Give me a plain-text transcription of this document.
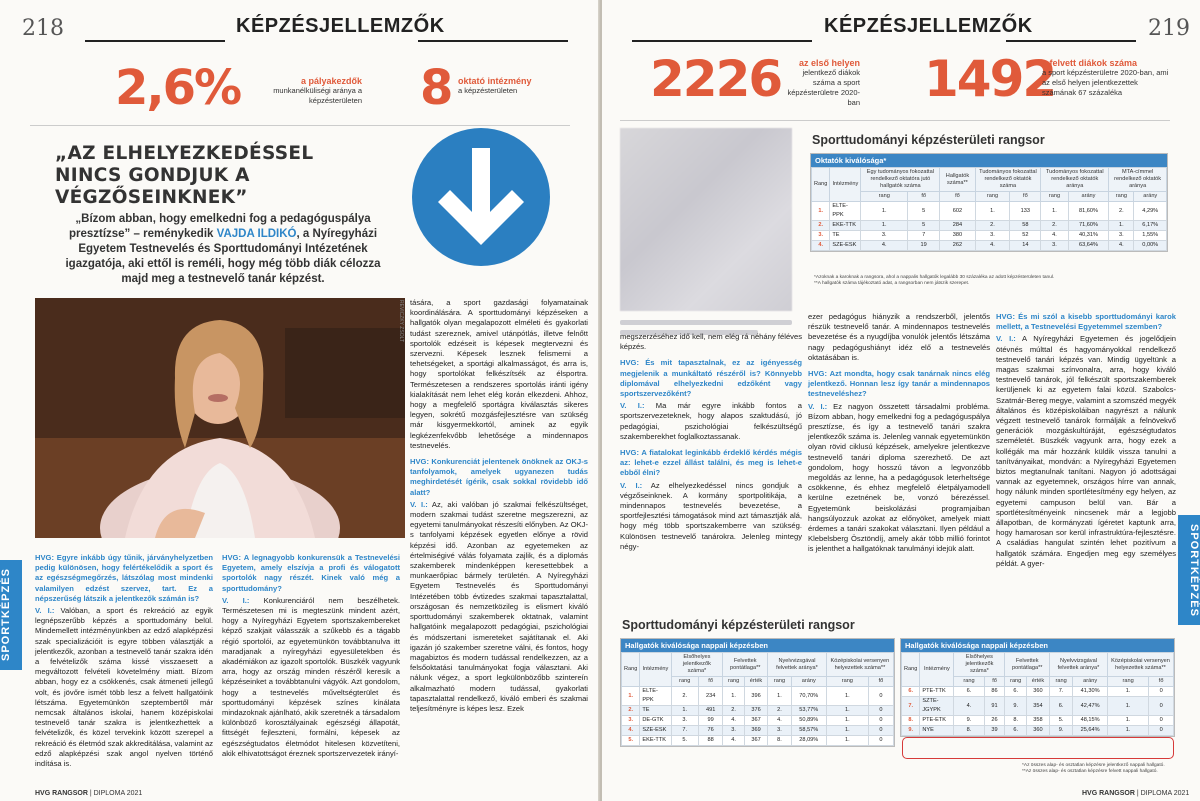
218	KÉPZÉSJELLEMZŐK
2,6%	a pályakezdők
munkanélküliségi aránya a képzésterületen 8 oktató intézmény
a képzésterületen
„AZ ELHELYEZKEDÉSSEL NINCS GONDJUK A VÉGZŐSEINKNEK”
„Bízom abban, hogy emelkedni fog a pedagóguspálya presztízse” – reménykedik VAJDA ILDIKÓ, a Nyíregyházi Egyetem Testnevelés és Sporttudományi Intézetének igazgatója, aki ettől is reméli, hogy még több diák célozza majd meg a testnevelő tanár képzést.
REVICZKY ZSOLT

HVG: Egyre inkább úgy tűnik, járványhelyzetben pedig különösen, hogy felértékelődik a sport és az egészségmegőrzés, látszólag most mindenki valamilyen edzést szervez, tart. Ez a népszerűség látszik a jelentkezők számán is?

V. I.: Valóban, a sport és rekreáció az egyik legnépszerűbb képzés a sporttudomány belül. Mindemellett intézményünkben az edző alapképzési szak specializációit is egyre többen választják a jelentkezők, azonban a testnevelő tanár szakra idén a felvételizők száma kissé visszaesett a megváltozott felvételi követelmény miatt. Bízom abban, hogy ez a csökkenés, csak átmeneti jellegű volt, és jövőre ismét több lesz a felvett hallgatóink létszáma. Egyetemünkön szeptembertől már nemcsak általános iskolai, hanem középiskolai testnevelő tanár szakra is jelentkezhettek a felvételizők, és közel tervekink között szerepel a rekreáció és életmód szak akkreditálása, valamint az edző alapképzési szak angol nyelven történő indítása is.

HVG: A legnagyobb konkurensük a Testnevelési Egyetem, amely elszívja a profi és válogatott sportolók nagy részét. Kinek való még a sporttudomány?

V. I.: Konkurenciáról nem beszélhetek. Természetesen mi is megteszünk mindent azért, hogy a Nyíregyházi Egyetem sportszakembereket képző szakjait válasszák a szűkebb és a tágabb régió sportolói, az egyetemünkön továbbtanulva itt maradjanak a nyíregyházi egyesületekben és akadémiákon az igazolt sportolók. Büszkék vagyunk arra, hogy az ország minden részéről keresik a képzéseinket a továbbtanulni vágyók. Azt gondolom, hogy a testnevelés műveltségterület és sporttudományi képzések színes kínálata mindazoknak ajánlható, akik szeretnék a társadalom különböző korosztályainak egészségi állapotát, fittségét fejleszteni, formálni, képesek az egészségtudatos életmódot hitelesen közvetíteni, akik elhivatottságot éreznek sportszervezetek irányí-

tására, a sport gazdasági folyamatainak koordinálására. A sporttudományi képzéseken a hallgatók olyan megalapozott elméleti és gyakorlati tudást szereznek, amivel utánpótlás, illetve felnőtt sportolók edzéseit is képesek megtervezni és szervezni. Képesek lesznek felismerni a tehetségeket, a sportági alkalmasságot, és arra is, hogy sportolókat felkészítsék az élsportra. Természetesen a rendszeres sportolás iránti igény kialakítását nem lehet elég korán elkezdeni. Ahhoz, hogy a megfelelő sportágra kiválasztás sikeres legyen, sokrétű mozgásfejlesztésre van szükség már kisgyermekkortól, aminek az egyik legkézenfekvőbb lehetősége a mindennapos testnevelés.

HVG: Konkurenciát jelentenek önöknek az OKJ-s tanfolyamok, amelyek ugyanezen tudás meghirdetését ígérik, csak sokkal rövidebb idő alatt?

V. I.: Az, aki valóban jó szakmai felkészültséget, modern szakmai tudást szeretne megszerezni, az egyetemi tanulmányokat részesíti előnyben. Az OKJ-s tanfolyami képzések egyetlen előnye a rövid képzési idő. Azonban az egyetemeken az értelmiségivé válás folyamata zajlik, és a diplomás szakemberek mindenképpen keresettebbek a munkaerőpiac bármely területén. A Nyíregyházi Egyetem Testnevelés és Sporttudományi Intézetében több évtizedes szakmai tapasztalattal, országosan és nemzetközileg is elismert kiváló sporttudományi szakemberek oktatnak, valamint hallgatóink megalapozott pedagógiai, pszichológiai és módszertani ismereteket sajátítanak el. Aki igazán jó szakember szeretne válni, és fontos, hogy magabiztos és modern tudással rendelkezzen, az a felsőoktatási tanulmányokat fogja választani. Aki nálunk végez, a sport legkülönbözőbb szintereín alkalmazható modern tudással, gyakorlati tapasztalattal rendelkező, kiváló emberi és szakmai teljesítményre is képes lesz. Ezek

SPORTKÉPZÉS
HVG RANGSOR | DIPLOMA 2021
KÉPZÉSJELLEMZŐK	219
2226	az első helyen
jelentkező diákok száma a sport képzésterületre 2020-ban 1492
a felvett diákok száma
a sport képzésterületre 2020-ban, ami az első helyen jelentkezettek számának 67 százaléka
Sporttudományi képzésterületi rangsor
Oktatók kiválósága*
Rang	Intézmény	Egy tudományos fokozattal rendelkező oktatóra jutó hallgatók száma		Hallgatók száma**	Tudományos fokozattal rendelkező oktatók száma		Tudományos fokozattal rendelkező oktatók aránya		MTA-címmel rendelkező oktatók aránya	
		rang	fő	fő	rang	fő	rang	arány	rang	arány
1.	ELTE-PPK	1.	5	602	1.	133	1.	81,60%	2.	4,29%
2.	EKE-TTK	1.	5	284	2.	58	2.	71,60%	1.	6,17%
3.	TE	3.	7	380	3.	52	4.	40,31%	3.	1,55%
4.	SZE-ESK	4.	19	262	4.	14	3.	63,64%	4.	0,00%
*Azoknak a karoknak a rangsora, ahol a nappalis hallgatók legalább 30 százaléka az adott képzésterületen tanul.
**A hallgatók száma tájékoztató adat, a rangsorban nem játszik szerepet.

megszerzéséhez idő kell, nem elég rá néhány féléves képzés.

HVG: És mit tapasztalnak, ez az igényesség megjelenik a munkáltató részéről is? Könnyebb diplomával elhelyezkedni edzőként vagy sportszervezőként?

V. I.: Ma már egyre inkább fontos a sportszervezeteknek, hogy alapos szaktudású, jó pedagógiai, pszichológiai felkészültségű szakemberekhet foglalkoztassanak.

HVG: A fiatalokat leginkább érdeklő kérdés mégis az: lehet-e ezzel állást találni, és meg is lehet-e ebből élni?

V. I.: Az elhelyezkedéssel nincs gondjuk a végzőseinknek. A kormány sportpolitikája, a mindennapos testnevelés bevezetése, a sportfejlesztési támogatások mind azt támasztják alá, hogy még több sportszakemberre van szükség. Különösen testnevelő tanárokra. Jelenleg mintegy négy-

ezer pedagógus hiányzik a rendszerből, jelentős részük testnevelő tanár. A mindennapos testnevelés bevezetése és a nyugdíjba vonulók jelentős létszáma nagy pedagógushiányt idéz elő a testnevelés oktatásában is.

HVG: Azt mondta, hogy csak tanárnak nincs elég jelentkező. Honnan lesz így tanár a mindennapos testneveléshez?

V. I.: Ez nagyon összetett társadalmi probléma. Bízom abban, hogy emelkedni fog a pedagóguspálya presztízse, és így a testnevelő tanári szakra jelentkezők száma is. Jelenleg vannak egyetemünkön olyan rövid ciklusú képzések, amelyekre jelentkezve testnevelő tanári diploma szerezhető. De azt gondolom, hogy hosszú távon a legvonzóbb megoldás az lenne, ha a pedagógusok leterheltsége csökkenne, és ehhez megfelelő életpályamodell kerülne ezetnének be, vonzó bérezéssel. Egyetemünk beiskolázási programjaiban hangsúlyozzuk azokat az előnyöket, amelyek miatt érdemes a tanári szakokat választani. Ilyen például a Klebelsberg Ösztöndíj, amely akár több millió forintot is jelenthet a hallgatóknak tanulmányi idejük alatt.

HVG: És mi szól a kisebb sporttudományi karok mellett, a Testnevelési Egyetemmel szemben?

V. I.: A Nyíregyházi Egyetemen és jogelődjein ötévnés múlttal és hagyományokkal rendelkező testnevelő tanári képzés van. Mindig ügyeltünk a magas szakmai színvonalra, arra, hogy kiváló testnevelő tanárok, jól felkészült sportszakemberek kerüljenek ki az egyetem falai közül. Szabolcs-Szatmár-Bereg megye, valamint a szomszéd megyék általános és középiskoláiban nagyrészt a nálunk végzett testnevelő tanárok formálják a felnövekvő generációk mozgáskultúráját, egészségtudatos személetét. Büszkék vagyunk arra, hogy ezek a kollégák ma már hozzánk küldik vissza tanulni a tanítványaikat, mondván: a Nyíregyházi Egyetemen biztos megtanulnak tanítani. Nagyon jó adottságai vannak az egyetemnek, országos hírre van annak, hogy nálunk minden sportlétesítmény egy helyen, az egyetemi campuson belül van. Bár a sportlétesítményeink nincsenek már a legjobb állapotban, de kormányzati ígéretet kaptunk arra, hogy hamarosan sor kerül infrastruktúra-fejlesztésre. A családias hangulat szintén lehet pozitívum a hallgatók számára. Engedjen meg egy személyes példát. A gyer-

Sporttudományi képzésterületi rangsor
Hallgatók kiválósága nappali képzésben
Rang	Intézmény	Elsőhelyes jelentkezők száma*		Felvettek pontátlaga**		Nyelvvizsgával felvettek aránya*		Középiskolai versenyen helyezettek száma**	
		rang	fő	rang	érték	rang	arány	rang	fő
1.	ELTE-PPK	2.	234	1.	396	1.	70,70%	1.	0
2.	TE	1.	491	2.	376	2.	53,77%	1.	0
3.	DE-GTK	3.	99	4.	367	4.	50,89%	1.	0
4.	SZE-ESK	7.	76	3.	369	3.	58,57%	1.	0
5.	EKE-TTK	5.	88	4.	367	8.	28,09%	1.	0
Hallgatók kiválósága nappali képzésben
Rang	Intézmény	Elsőhelyes jelentkezők száma*		Felvettek pontátlaga**		Nyelvvizsgával felvettek aránya*		Középiskolai versenyen helyezettek száma**	
		rang	fő	rang	érték	rang	arány	rang	fő
6.	PTE-TTK	6.	86	6.	360	7.	41,30%	1.	0
7.	SZTE-JGYPK	4.	91	9.	354	6.	42,47%	1.	0
8.	PTE-ETK	9.	26	8.	358	5.	48,15%	1.	0
9.	NYE	8.	39	6.	360	9.	25,64%	1.	0
*Az összes alap- és osztatlan képzésre jelentkező nappali hallgató.
**Az összes alap- és osztatlan képzésre felvett nappali hallgató.
SPORTKÉPZÉS
HVG RANGSOR | DIPLOMA 2021
